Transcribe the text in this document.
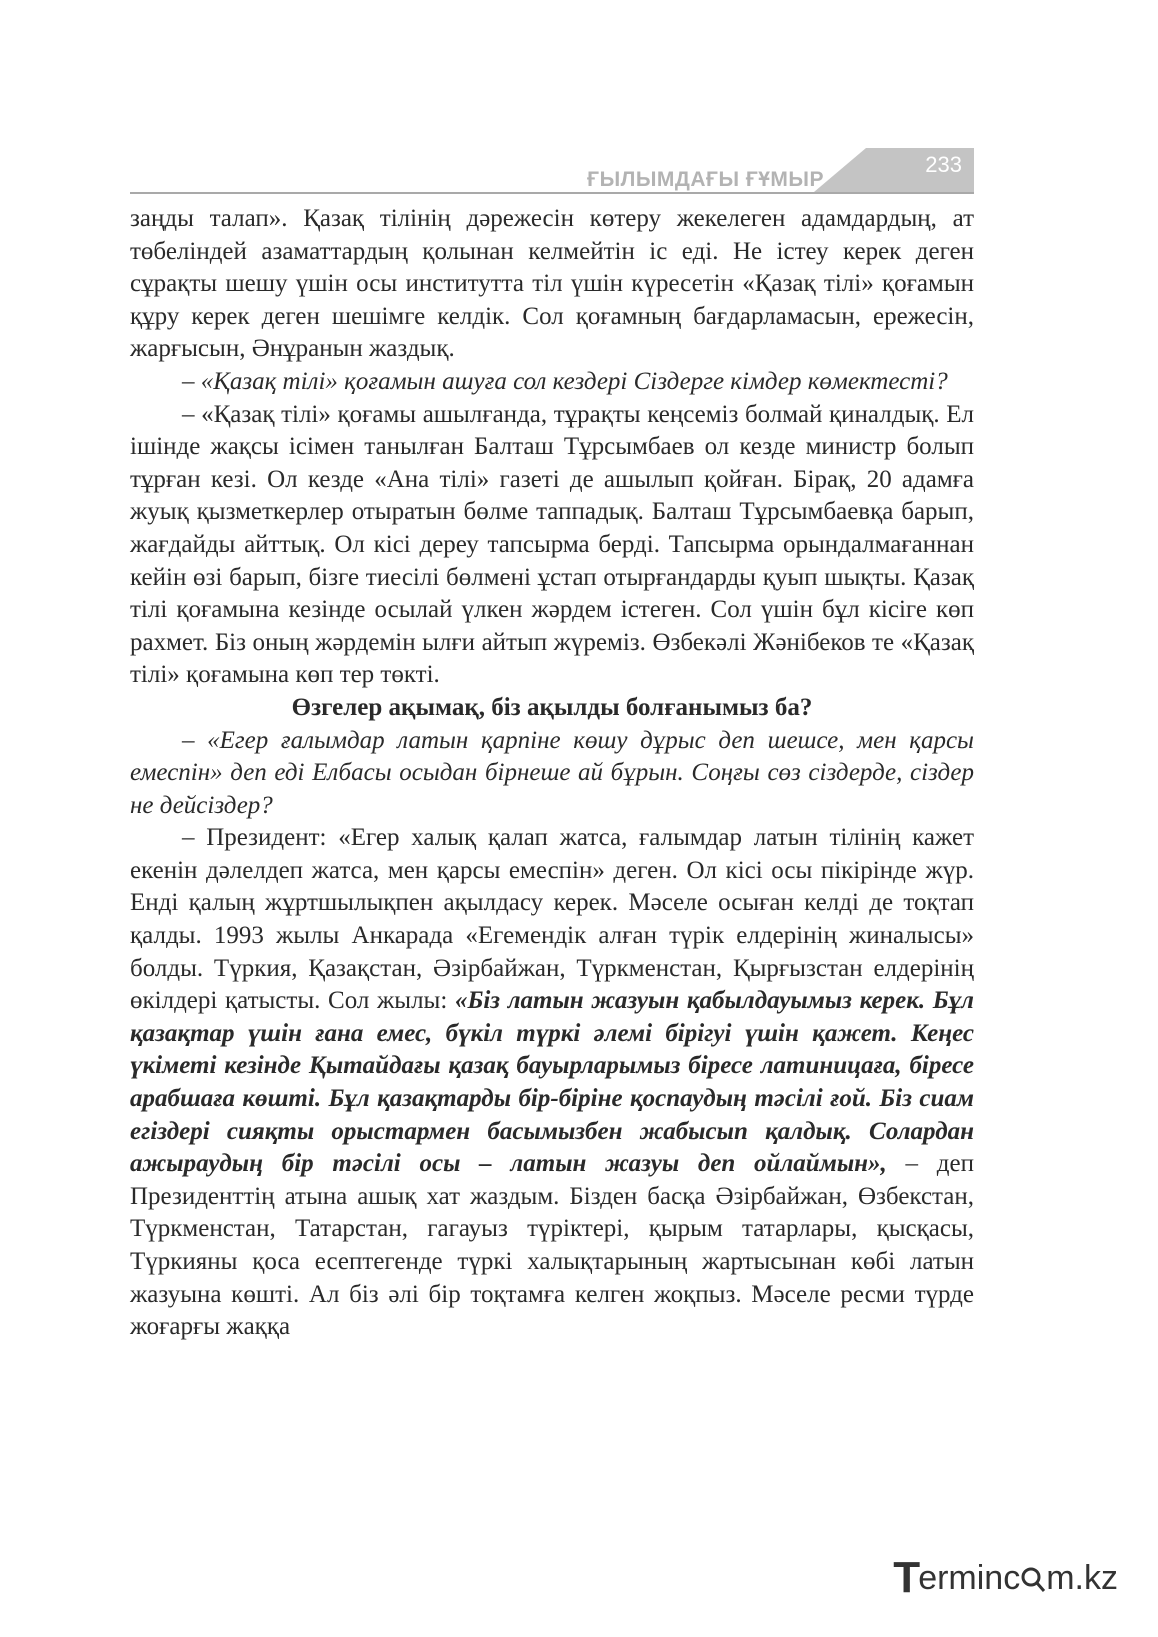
ҒЫЛЫМДАҒЫ ҒҰМЫР
233

заңды талап». Қазақ тілінің дәрежесін көтеру жекелеген адамдардың, ат төбеліндей азаматтардың қолынан келмейтін іс еді. Не істеу керек деген сұрақты шешу үшін осы институтта тіл үшін күресетін «Қазақ тілі» қоғамын құру керек деген шешімге келдік. Сол қоғамның бағдарламасын, ережесін, жарғысын, Әнұранын жаздық.

– «Қазақ тілі» қоғамын ашуға сол кездері Сіздерге кімдер көмектесті?

– «Қазақ тілі» қоғамы ашылғанда, тұрақты кеңсеміз болмай қиналдық. Ел ішінде жақсы ісімен танылған Балташ Тұрсымбаев ол кезде министр болып тұрған кезі. Ол кезде «Ана тілі» газеті де ашылып қойған. Бірақ, 20 адамға жуық қызметкерлер отыратын бөлме таппадық. Балташ Тұрсымбаевқа барып, жағдайды айттық. Ол кісі дереу тапсырма берді. Тапсырма орындалмағаннан кейін өзі барып, бізге тиесілі бөлмені ұстап отырғандарды қуып шықты. Қазақ тілі қоғамына кезінде осылай үлкен жәрдем істеген. Сол үшін бұл кісіге көп рахмет. Біз оның жәрдемін ылғи айтып жүреміз. Өзбекәлі Жәнібеков те «Қазақ тілі» қоғамына көп тер төкті.

Өзгелер ақымақ, біз ақылды болғанымыз ба?

– «Егер ғалымдар латын қарпіне көшу дұрыс деп шешсе, мен қарсы емеспін» деп еді Елбасы осыдан бірнеше ай бұрын. Соңғы сөз сіздерде, сіздер не дейсіздер?

– Президент: «Егер халық қалап жатса, ғалымдар латын тілінің кажет екенін дәлелдеп жатса, мен қарсы емеспін» деген. Ол кісі осы пікірінде жүр. Енді қалың жұртшылықпен ақылдасу керек. Мәселе осыған келді де тоқтап қалды. 1993 жылы Анкарада «Егемендік алған түрік елдерінің жиналысы» болды. Түркия, Қазақстан, Әзірбайжан, Түркменстан, Қырғызстан елдерінің өкілдері қатысты. Сол жылы: «Біз латын жазуын қабылдауымыз керек. Бұл қазақтар үшін ғана емес, бүкіл түркі әлемі бірігуі үшін қажет. Кеңес үкіметі кезінде Қытайдағы қазақ бауырларымыз біресе латиницаға, біресе арабшаға көшті. Бұл қазақтарды бір-біріне қоспаудың тәсілі ғой. Біз сиам егіздері сияқты орыстармен басымызбен жабысып қалдық. Солардан ажыраудың бір тәсілі осы – латын жазуы деп ойлаймын», – деп Президенттің атына ашық хат жаздым. Бізден басқа Әзірбайжан, Өзбекстан, Түркменстан, Татарстан, гагауыз түріктері, қырым татарлары, қысқасы, Түркияны қоса есептегенде түркі халықтарының жартысынан көбі латын жазуына көшті. Ал біз әлі бір тоқтамға келген жоқпыз. Мәселе ресми түрде жоғарғы жаққа

T
erminc m.kz
